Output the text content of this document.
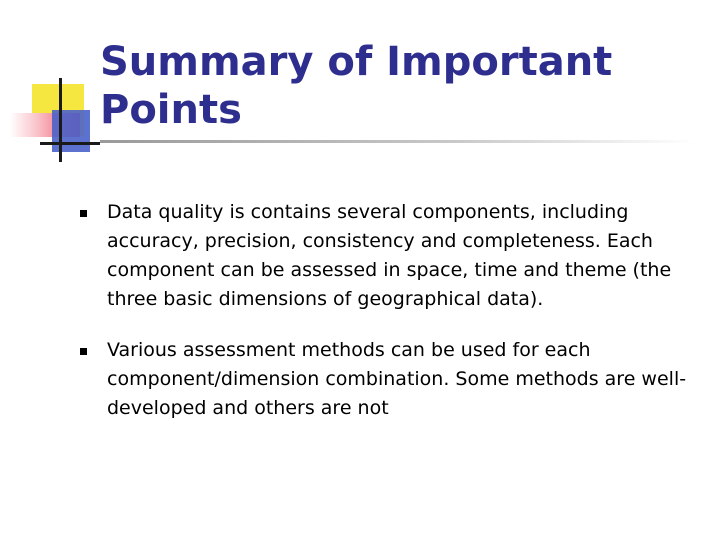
Summary of Important Points
Data quality is contains several components, including accuracy, precision, consistency and completeness. Each component can be assessed in space, time and theme (the three basic dimensions of geographical data).
Various assessment methods can be used for each component/dimension combination. Some methods are well-developed and others are not
